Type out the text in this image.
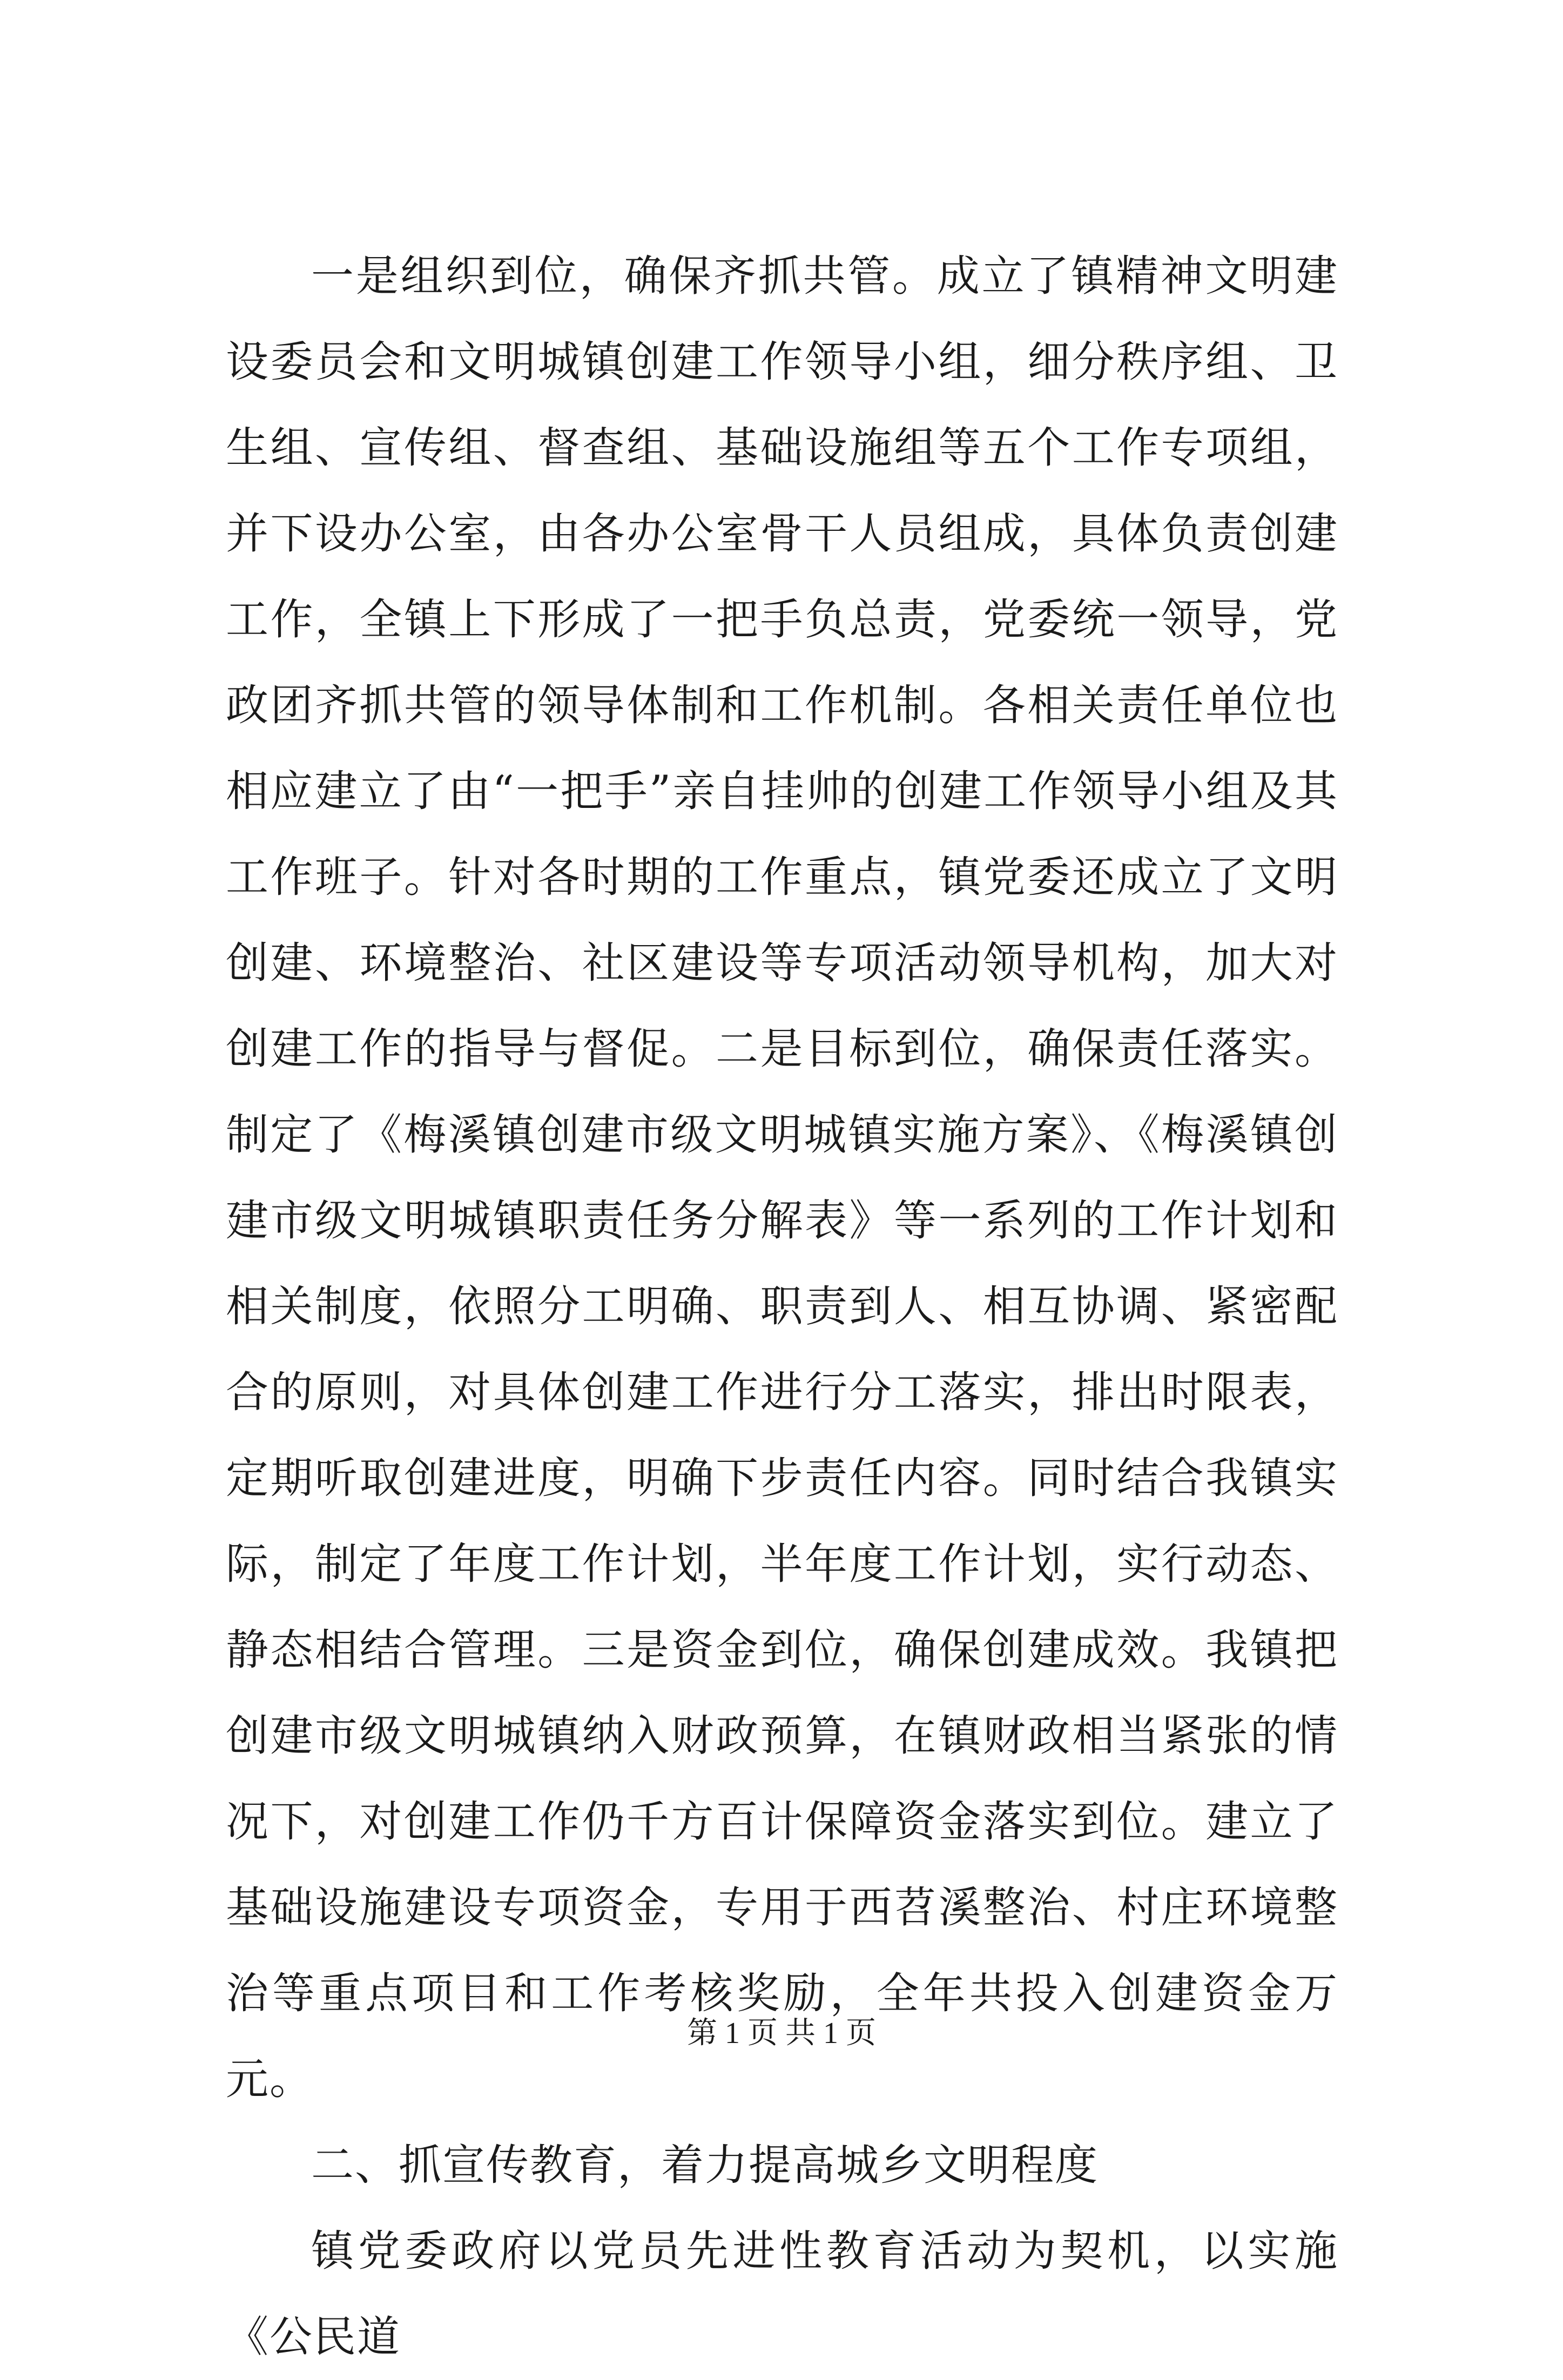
一是组织到位，确保齐抓共管。成立了镇精神文明建设委员会和文明城镇创建工作领导小组，细分秩序组、卫生组、宣传组、督查组、基础设施组等五个工作专项组，并下设办公室，由各办公室骨干人员组成，具体负责创建工作，全镇上下形成了一把手负总责，党委统一领导，党政团齐抓共管的领导体制和工作机制。各相关责任单位也相应建立了由“一把手”亲自挂帅的创建工作领导小组及其工作班子。针对各时期的工作重点，镇党委还成立了文明创建、环境整治、社区建设等专项活动领导机构，加大对创建工作的指导与督促。二是目标到位，确保责任落实。制定了《梅溪镇创建市级文明城镇实施方案》、《梅溪镇创建市级文明城镇职责任务分解表》等一系列的工作计划和相关制度，依照分工明确、职责到人、相互协调、紧密配合的原则，对具体创建工作进行分工落实，排出时限表，定期听取创建进度，明确下步责任内容。同时结合我镇实际，制定了年度工作计划，半年度工作计划，实行动态、静态相结合管理。三是资金到位，确保创建成效。我镇把创建市级文明城镇纳入财政预算，在镇财政相当紧张的情况下，对创建工作仍千方百计保障资金落实到位。建立了基础设施建设专项资金，专用于西苕溪整治、村庄环境整治等重点项目和工作考核奖励，全年共投入创建资金万元。

二、抓宣传教育，着力提高城乡文明程度

镇党委政府以党员先进性教育活动为契机，以实施《公民道

第 1 页 共 1 页
